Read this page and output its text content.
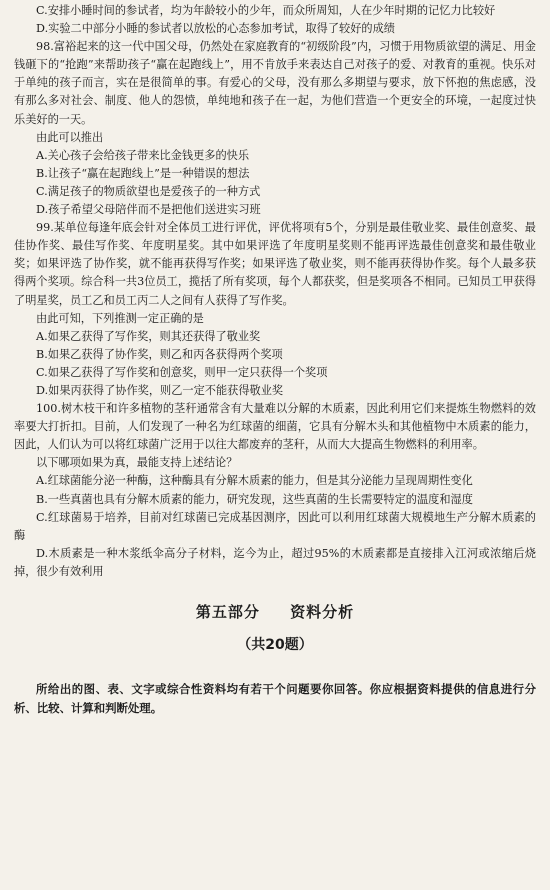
C.安排小睡时间的参试者，均为年龄较小的少年，而众所周知，人在少年时期的记忆力比较好

D.实验二中部分小睡的参试者以放松的心态参加考试，取得了较好的成绩

98.富裕起来的这一代中国父母，仍然处在家庭教育的“初级阶段”内，习惯于用物质欲望的满足、用金钱砸下的“抢跑”来帮助孩子“赢在起跑线上”，用不肯放手来表达自己对孩子的爱、对教育的重视。快乐对于单纯的孩子而言，实在是很简单的事。有爱心的父母，没有那么多期望与要求，放下怀抱的焦虑感，没有那么多对社会、制度、他人的怨愤，单纯地和孩子在一起，为他们营造一个更安全的环境，一起度过快乐美好的一天。

由此可以推出

A.关心孩子会给孩子带来比金钱更多的快乐

B.让孩子“赢在起跑线上”是一种错误的想法

C.满足孩子的物质欲望也是爱孩子的一种方式

D.孩子希望父母陪伴而不是把他们送进实习班

99.某单位每逢年底会针对全体员工进行评优，评优将项有5个，分别是最佳敬业奖、最佳创意奖、最佳协作奖、最佳写作奖、年度明星奖。其中如果评选了年度明星奖则不能再评选最佳创意奖和最佳敬业奖；如果评选了协作奖，就不能再获得写作奖；如果评选了敬业奖，则不能再获得协作奖。每个人最多获得两个奖项。综合科一共3位员工，揽括了所有奖项，每个人都获奖，但是奖项各不相同。已知员工甲获得了明星奖，员工乙和员工丙二人之间有人获得了写作奖。

由此可知，下列推测一定正确的是

A.如果乙获得了写作奖，则其还获得了敬业奖

B.如果乙获得了协作奖，则乙和丙各获得两个奖项

C.如果乙获得了写作奖和创意奖，则甲一定只获得一个奖项

D.如果丙获得了协作奖，则乙一定不能获得敬业奖

100.树木枝干和许多植物的茎秆通常含有大量难以分解的木质素，因此利用它们来提炼生物燃料的效率要大打折扣。目前，人们发现了一种名为红球菌的细菌，它具有分解木头和其他植物中木质素的能力，因此，人们认为可以将红球菌广泛用于以往大都废弃的茎秆，从而大大提高生物燃料的利用率。

以下哪项如果为真，最能支持上述结论？

A.红球菌能分泌一种酶，这种酶具有分解木质素的能力，但是其分泌能力呈现周期性变化

B.一些真菌也具有分解木质素的能力，研究发现，这些真菌的生长需要特定的温度和湿度

C.红球菌易于培养，目前对红球菌已完成基因测序，因此可以利用红球菌大规模地生产分解木质素的酶

D.木质素是一种木浆纸伞高分子材料，迄今为止，超过95%的木质素都是直接排入江河或浓缩后烧掉，很少有效利用

第五部分 资料分析
（共20题）

所给出的图、表、文字或综合性资料均有若干个问题要你回答。你应根据资料提供的信息进行分析、比较、计算和判断处理。
